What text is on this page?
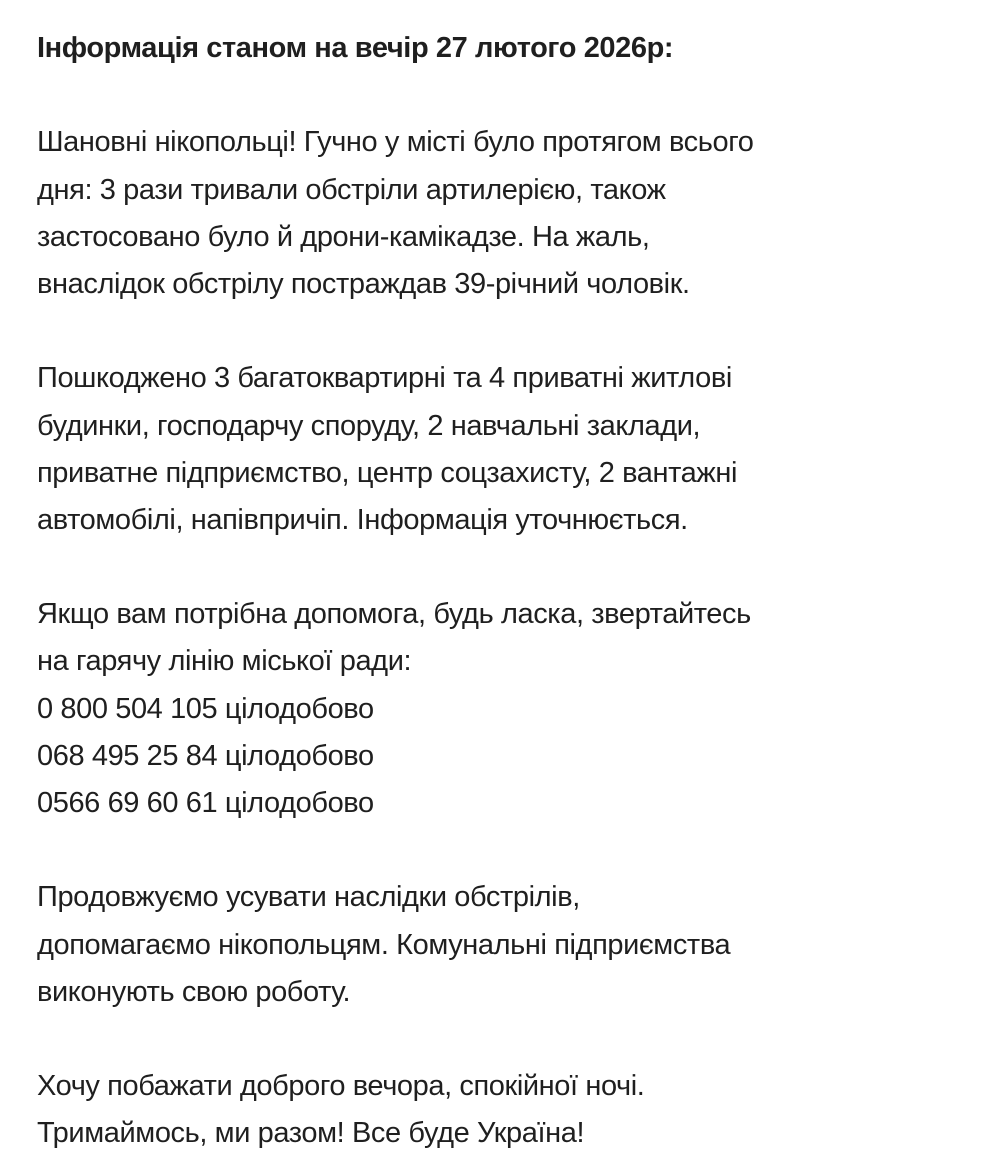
Інформація станом на вечір 27 лютого 2026р:
Шановні нікопольці! Гучно у місті було протягом всього
дня: 3 рази тривали обстріли артилерією, також
застосовано було й дрони-камікадзе. На жаль,
внаслідок обстрілу постраждав 39-річний чоловік.
Пошкоджено 3 багатоквартирні та 4 приватні житлові
будинки, господарчу споруду, 2 навчальні заклади,
приватне підприємство, центр соцзахисту, 2 вантажні
автомобілі, напівпричіп. Інформація уточнюється.
Якщо вам потрібна допомога, будь ласка, звертайтесь
на гарячу лінію міської ради:
0 800 504 105 цілодобово
068 495 25 84 цілодобово
0566 69 60 61 цілодобово
Продовжуємо усувати наслідки обстрілів,
допомагаємо нікопольцям. Комунальні підприємства
виконують свою роботу.
Хочу побажати доброго вечора, спокійної ночі.
Тримаймось, ми разом! Все буде Україна!
